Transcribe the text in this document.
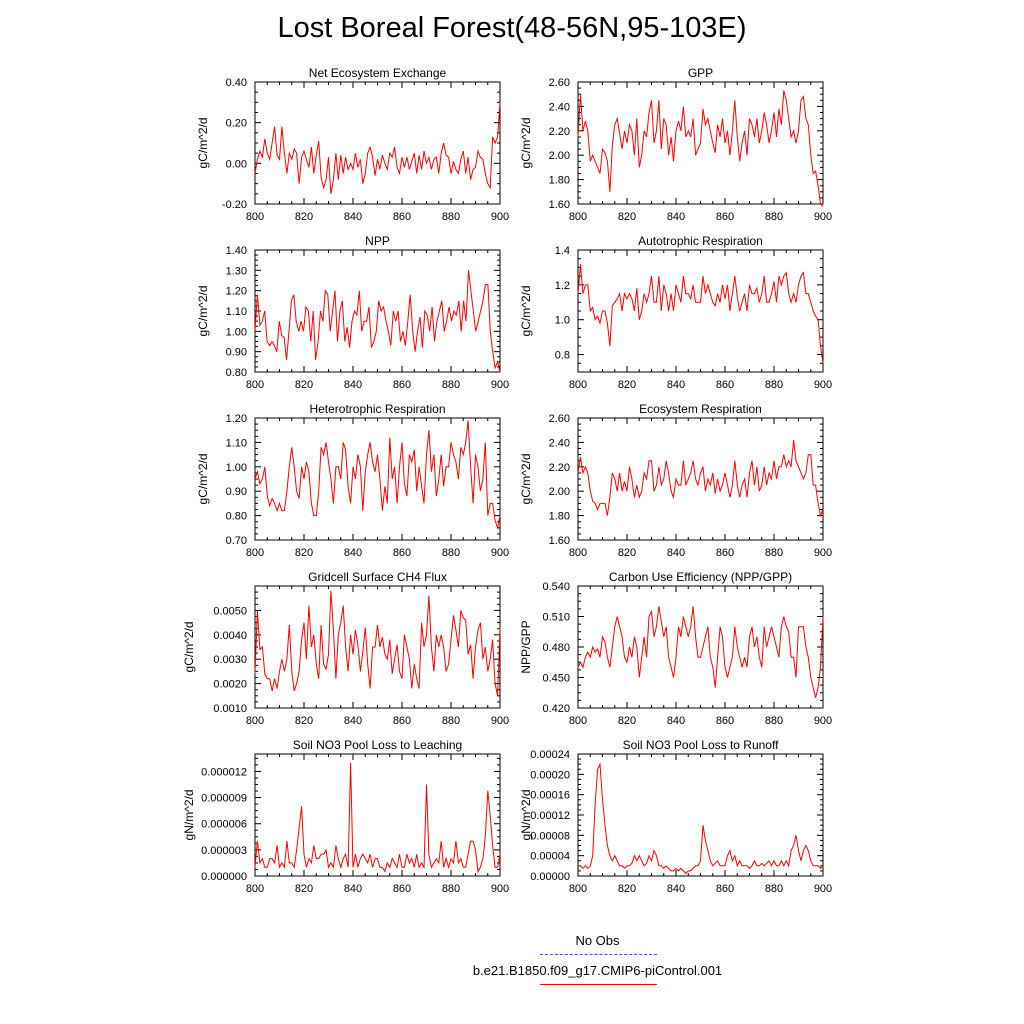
Lost Boreal Forest(48-56N,95-103E)
Net Ecosystem Exchange
gC/m^2/d
800	820	840	860	880	900
-0.20
0.00
0.20
0.40
GPP
gC/m^2/d
800	820	840	860	880	900
1.60
1.80
2.00
2.20
2.40
2.60
NPP
gC/m^2/d
800	820	840	860	880	900
0.80
0.90
1.00
1.10
1.20
1.30
1.40
Autotrophic Respiration
gC/m^2/d
800	820	840	860	880	900
0.8
1.0
1.2
1.4
Heterotrophic Respiration
gC/m^2/d
800	820	840	860	880	900
0.70
0.80
0.90
1.00
1.10
1.20
Ecosystem Respiration
gC/m^2/d
800	820	840	860	880	900
1.60
1.80
2.00
2.20
2.40
2.60
Gridcell Surface CH4 Flux
gC/m^2/d
800	820	840	860	880	900
0.0010
0.0020
0.0030
0.0040
0.0050
Carbon Use Efficiency (NPP/GPP)
NPP/GPP
800	820	840	860	880	900
0.420
0.450
0.480
0.510
0.540
Soil NO3 Pool Loss to Leaching
gN/m^2/d
800	820	840	860	880	900
0.000000
0.000003
0.000006
0.000009
0.000012
Soil NO3 Pool Loss to Runoff
gN/m^2/d
800	820	840	860	880	900
0.00000
0.00004
0.00008
0.00012
0.00016
0.00020
0.00024
No Obs
b.e21.B1850.f09_g17.CMIP6-piControl.001
